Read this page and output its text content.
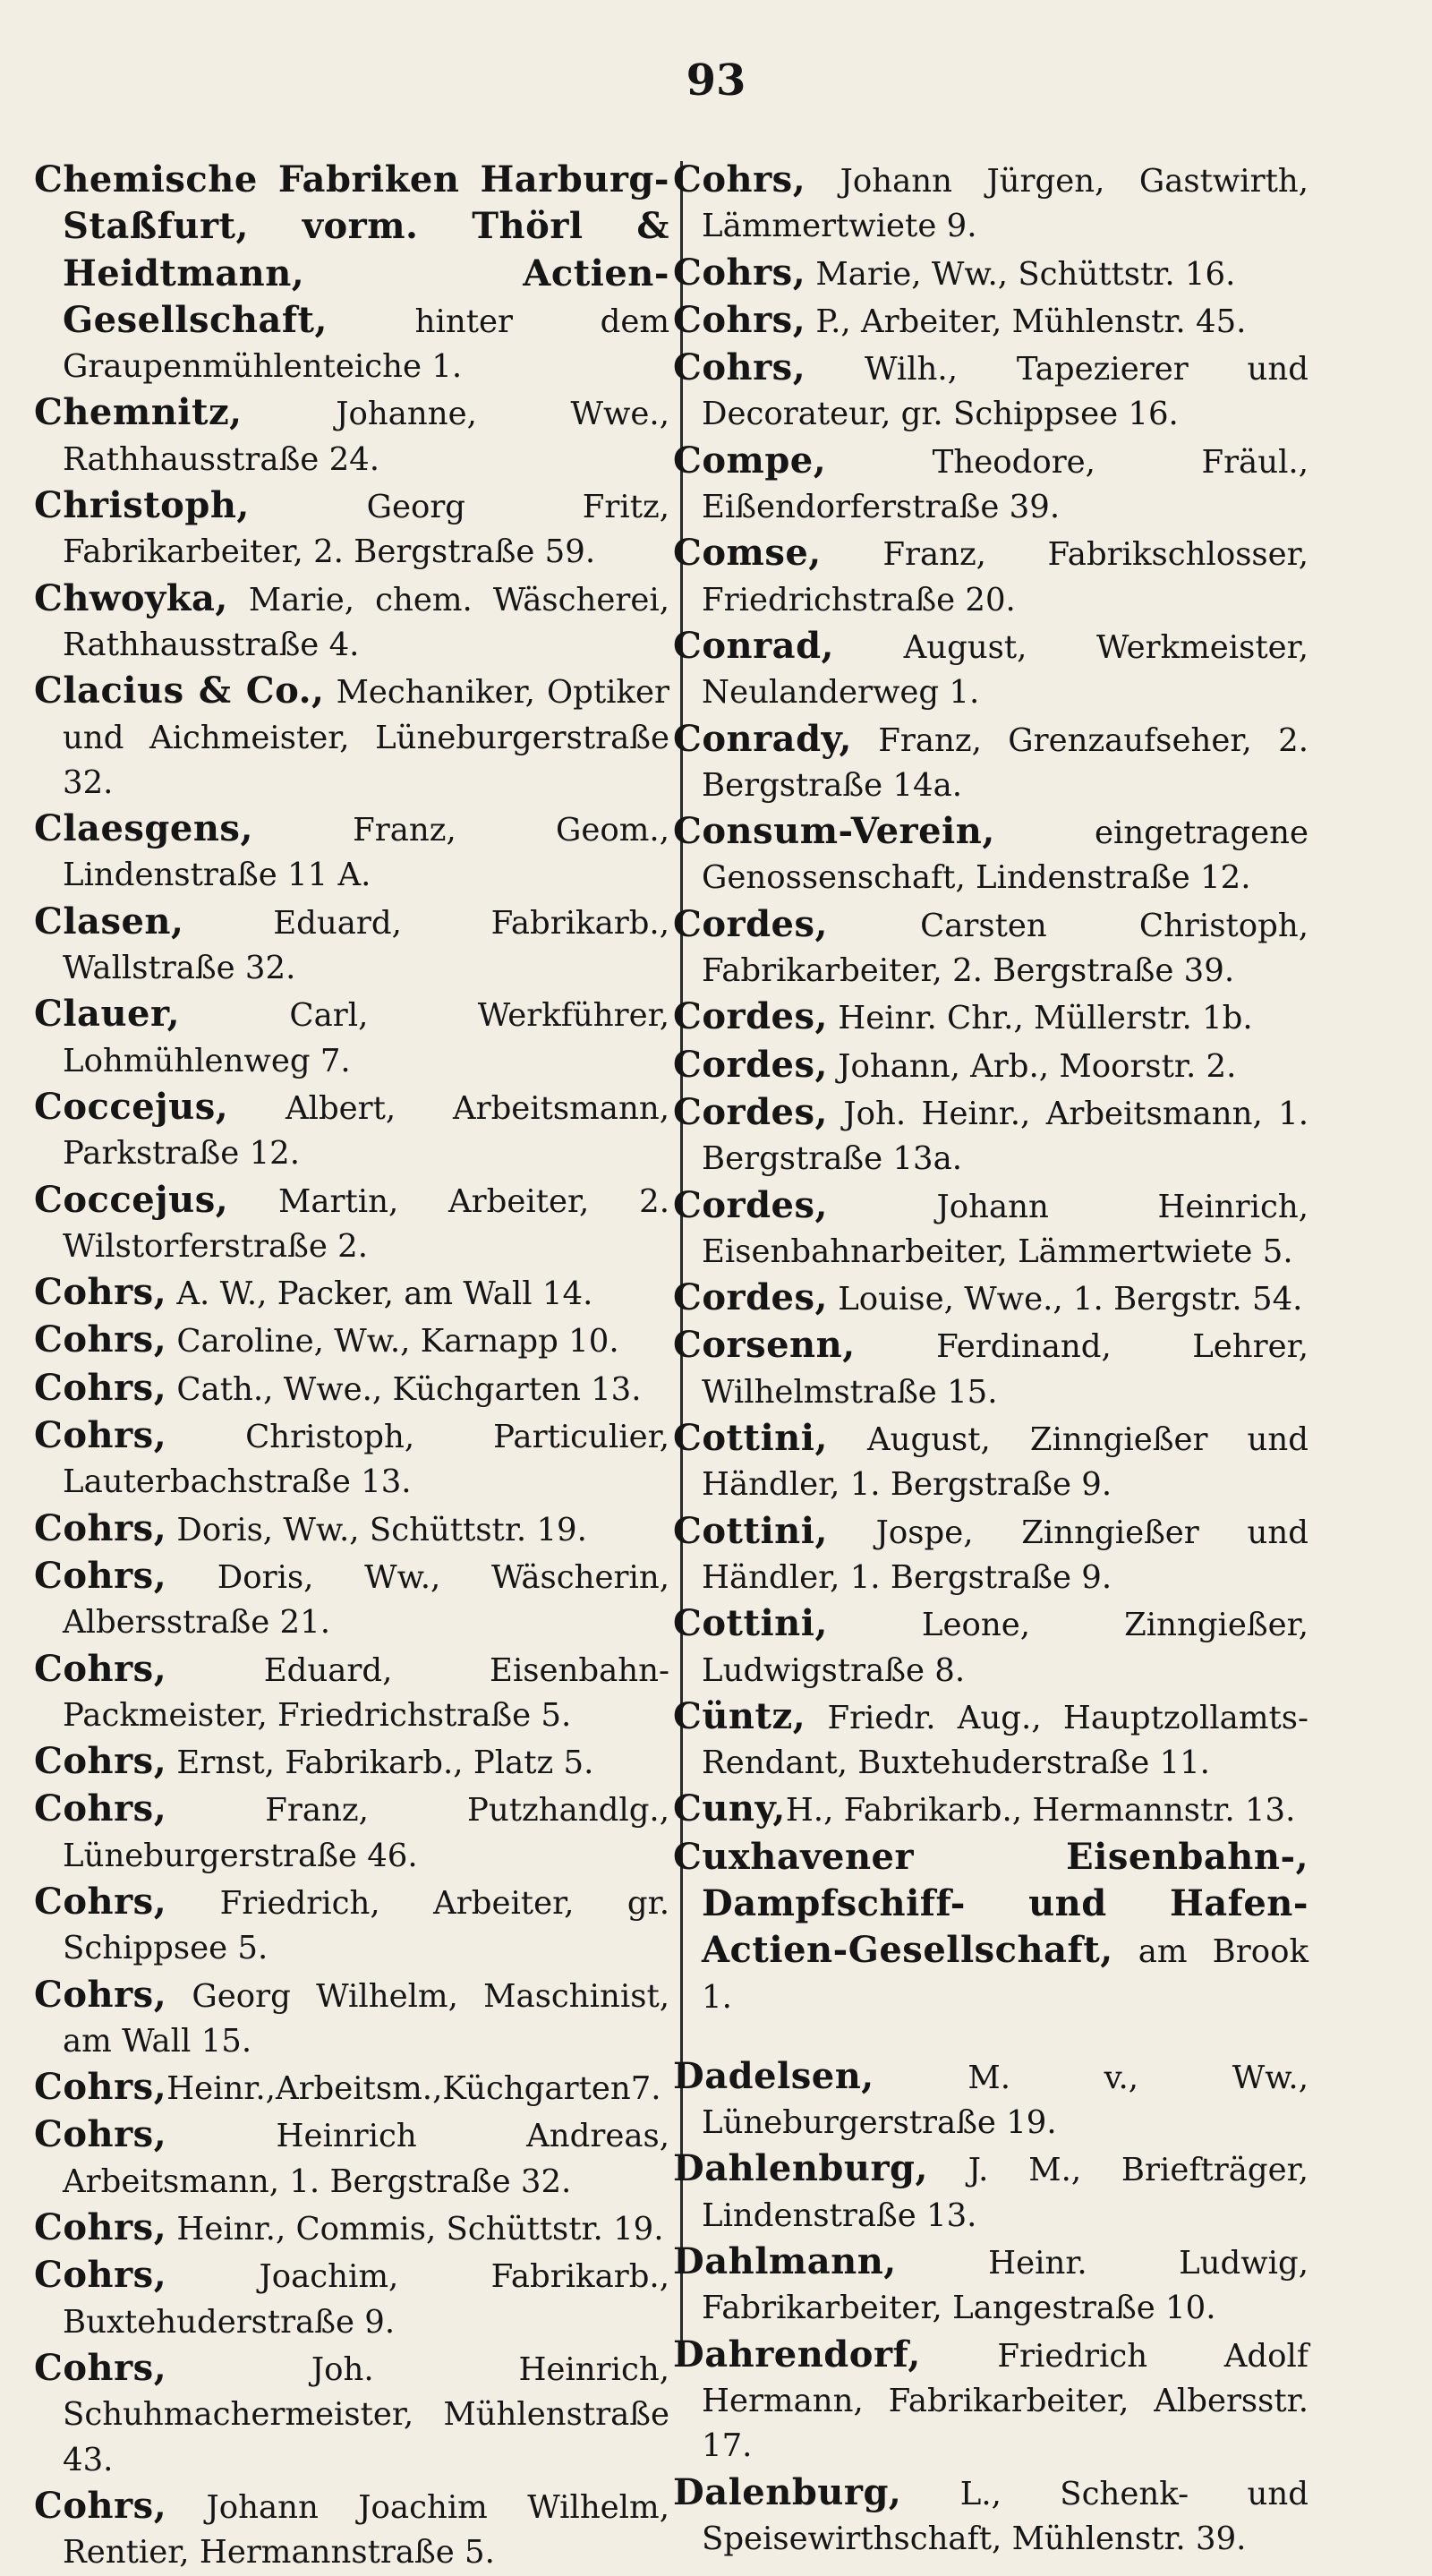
93

Chemische Fabriken Harburg-Staßfurt, vorm. Thörl & Heidtmann, Actien-Gesellschaft, hinter dem Graupenmühlenteiche 1.

Chemnitz, Johanne, Wwe., Rathhausstraße 24.

Christoph, Georg Fritz, Fabrikarbeiter, 2. Bergstraße 59.

Chwoyka, Marie, chem. Wäscherei, Rathhausstraße 4.

Clacius & Co., Mechaniker, Optiker und Aichmeister, Lüneburgerstraße 32.

Claesgens, Franz, Geom., Lindenstraße 11 A.

Clasen, Eduard, Fabrikarb., Wallstraße 32.

Clauer, Carl, Werkführer, Lohmühlenweg 7.

Coccejus, Albert, Arbeitsmann, Parkstraße 12.

Coccejus, Martin, Arbeiter, 2. Wilstorferstraße 2.

Cohrs, A. W., Packer, am Wall 14.

Cohrs, Caroline, Ww., Karnapp 10.

Cohrs, Cath., Wwe., Küchgarten 13.

Cohrs, Christoph, Particulier, Lauterbachstraße 13.

Cohrs, Doris, Ww., Schüttstr. 19.

Cohrs, Doris, Ww., Wäscherin, Albersstraße 21.

Cohrs, Eduard, Eisenbahn-Packmeister, Friedrichstraße 5.

Cohrs, Ernst, Fabrikarb., Platz 5.

Cohrs, Franz, Putzhandlg., Lüneburgerstraße 46.

Cohrs, Friedrich, Arbeiter, gr. Schippsee 5.

Cohrs, Georg Wilhelm, Maschinist, am Wall 15.

Cohrs,Heinr.,Arbeitsm.,Küchgarten7.

Cohrs, Heinrich Andreas, Arbeitsmann, 1. Bergstraße 32.

Cohrs, Heinr., Commis, Schüttstr. 19.

Cohrs, Joachim, Fabrikarb., Buxtehuderstraße 9.

Cohrs, Joh. Heinrich, Schuhmachermeister, Mühlenstraße 43.

Cohrs, Johann Joachim Wilhelm, Rentier, Hermannstraße 5.

Cohrs, Johann Jürgen, Gastwirth, Lämmertwiete 9.

Cohrs, Marie, Ww., Schüttstr. 16.

Cohrs, P., Arbeiter, Mühlenstr. 45.

Cohrs, Wilh., Tapezierer und Decorateur, gr. Schippsee 16.

Compe, Theodore, Fräul., Eißendorferstraße 39.

Comse, Franz, Fabrikschlosser, Friedrichstraße 20.

Conrad, August, Werkmeister, Neulanderweg 1.

Conrady, Franz, Grenzaufseher, 2. Bergstraße 14a.

Consum-Verein, eingetragene Genossenschaft, Lindenstraße 12.

Cordes, Carsten Christoph, Fabrikarbeiter, 2. Bergstraße 39.

Cordes, Heinr. Chr., Müllerstr. 1b.

Cordes, Johann, Arb., Moorstr. 2.

Cordes, Joh. Heinr., Arbeitsmann, 1. Bergstraße 13a.

Cordes, Johann Heinrich, Eisenbahnarbeiter, Lämmertwiete 5.

Cordes, Louise, Wwe., 1. Bergstr. 54.

Corsenn, Ferdinand, Lehrer, Wilhelmstraße 15.

Cottini, August, Zinngießer und Händler, 1. Bergstraße 9.

Cottini, Jospe, Zinngießer und Händler, 1. Bergstraße 9.

Cottini, Leone, Zinngießer, Ludwigstraße 8.

Cüntz, Friedr. Aug., Hauptzollamts-Rendant, Buxtehuderstraße 11.

Cuny,H., Fabrikarb., Hermannstr. 13.

Cuxhavener Eisenbahn-, Dampfschiff- und Hafen-Actien-Gesellschaft, am Brook 1.

Dadelsen, M. v., Ww., Lüneburgerstraße 19.

Dahlenburg, J. M., Briefträger, Lindenstraße 13.

Dahlmann, Heinr. Ludwig, Fabrikarbeiter, Langestraße 10.

Dahrendorf, Friedrich Adolf Hermann, Fabrikarbeiter, Albersstr. 17.

Dalenburg, L., Schenk- und Speisewirthschaft, Mühlenstr. 39.
